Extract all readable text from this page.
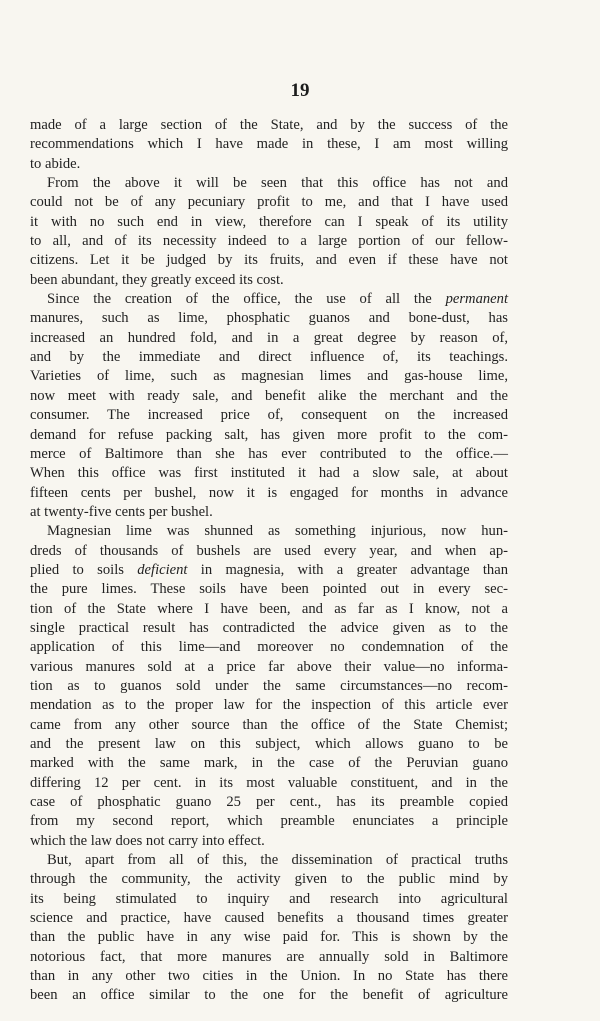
19
made of a large section of the State, and by the success of the
recommendations which I have made in these, I am most willing
to abide.
From the above it will be seen that this office has not and
could not be of any pecuniary profit to me, and that I have used
it with no such end in view, therefore can I speak of its utility
to all, and of its necessity indeed to a large portion of our fellow-
citizens. Let it be judged by its fruits, and even if these have not
been abundant, they greatly exceed its cost.
Since the creation of the office, the use of all the permanent
manures, such as lime, phosphatic guanos and bone-dust, has
increased an hundred fold, and in a great degree by reason of,
and by the immediate and direct influence of, its teachings.
Varieties of lime, such as magnesian limes and gas-house lime,
now meet with ready sale, and benefit alike the merchant and the
consumer. The increased price of, consequent on the increased
demand for refuse packing salt, has given more profit to the com-
merce of Baltimore than she has ever contributed to the office.—
When this office was first instituted it had a slow sale, at about
fifteen cents per bushel, now it is engaged for months in advance
at twenty-five cents per bushel.
Magnesian lime was shunned as something injurious, now hun-
dreds of thousands of bushels are used every year, and when ap-
plied to soils deficient in magnesia, with a greater advantage than
the pure limes. These soils have been pointed out in every sec-
tion of the State where I have been, and as far as I know, not a
single practical result has contradicted the advice given as to the
application of this lime—and moreover no condemnation of the
various manures sold at a price far above their value—no informa-
tion as to guanos sold under the same circumstances—no recom-
mendation as to the proper law for the inspection of this article ever
came from any other source than the office of the State Chemist;
and the present law on this subject, which allows guano to be
marked with the same mark, in the case of the Peruvian guano
differing 12 per cent. in its most valuable constituent, and in the
case of phosphatic guano 25 per cent., has its preamble copied
from my second report, which preamble enunciates a principle
which the law does not carry into effect.
But, apart from all of this, the dissemination of practical truths
through the community, the activity given to the public mind by
its being stimulated to inquiry and research into agricultural
science and practice, have caused benefits a thousand times greater
than the public have in any wise paid for. This is shown by the
notorious fact, that more manures are annually sold in Baltimore
than in any other two cities in the Union. In no State has there
been an office similar to the one for the benefit of agriculture
